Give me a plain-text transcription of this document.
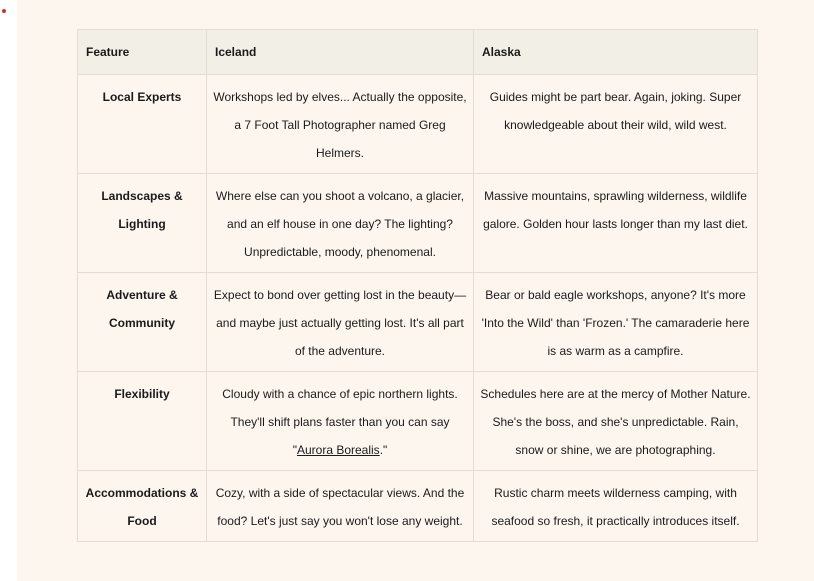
Feature	Iceland	Alaska
Local Experts	Workshops led by elves... Actually the opposite, a 7 Foot Tall Photographer named Greg Helmers.	Guides might be part bear. Again, joking. Super knowledgeable about their wild, wild west.
Landscapes & Lighting	Where else can you shoot a volcano, a glacier, and an elf house in one day? The lighting? Unpredictable, moody, phenomenal.	Massive mountains, sprawling wilderness, wildlife galore. Golden hour lasts longer than my last diet.
Adventure & Community	Expect to bond over getting lost in the beauty—and maybe just actually getting lost. It's all part of the adventure.	Bear or bald eagle workshops, anyone? It's more 'Into the Wild' than 'Frozen.' The camaraderie here is as warm as a campfire.
Flexibility	Cloudy with a chance of epic northern lights. They'll shift plans faster than you can say "Aurora Borealis."	Schedules here are at the mercy of Mother Nature. She's the boss, and she's unpredictable. Rain, snow or shine, we are photographing.
Accommodations & Food	Cozy, with a side of spectacular views. And the food? Let's just say you won't lose any weight.	Rustic charm meets wilderness camping, with seafood so fresh, it practically introduces itself.
